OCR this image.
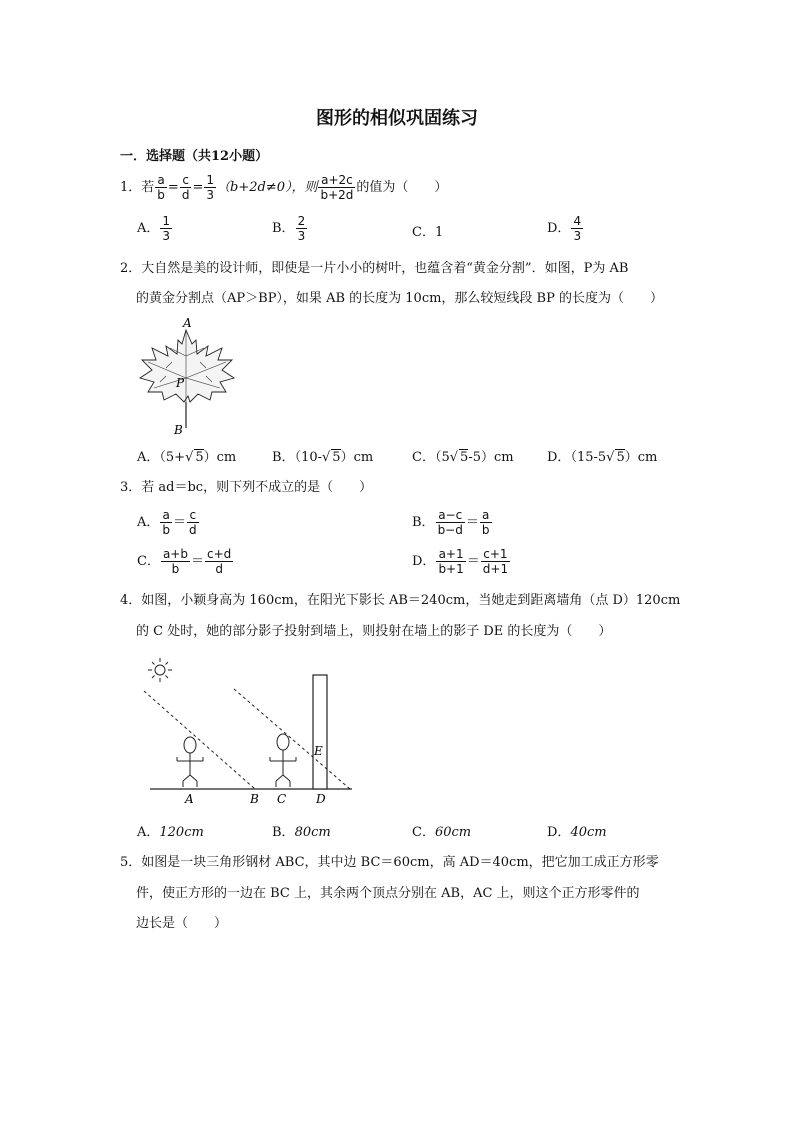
图形的相似巩固练习
一．选择题（共12小题）
1．若 $\frac{a}{b} = \frac{c}{d} = \frac{1}{3} (b+2d\ne 0)$，则 $\frac{a+2c}{b+2d}$ 的值为（　　）
A． $\frac{1}{3}$	B． $\frac{2}{3}$	C．1	D． $\frac{4}{3}$
2．大自然是美的设计师，即使是一片小小的树叶，也蕴含着“黄金分割”．如图，P为 AB
的黄金分割点（AP＞BP），如果 AB 的长度为 10cm，那么较短线段 BP 的长度为（　　）
A
P
B
A．（5+√ 5）cm	B．（10-√ 5）cm	C．（5√ 5-5）cm	D．（15-5√ 5）cm
3．若 ad＝bc，则下列不成立的是（　　）
A． $\frac{a}{b} = \frac{c}{d}$	B． $\frac{a-c}{b-d} = \frac{a}{b}$
C． $\frac{a+b}{b} = \frac{c+d}{d}$	D． $\frac{a+1}{b+1} = \frac{c+1}{d+1}$
4．如图，小颖身高为 160cm，在阳光下影长 AB＝240cm，当她走到距离墙角（点 D）120cm
的 C 处时，她的部分影子投射到墙上，则投射在墙上的影子 DE 的长度为（　　）
A	B C D
E
A．120cm	B．80cm	C．60cm	D．40cm
5．如图是一块三角形钢材 ABC，其中边 BC＝60cm，高 AD＝40cm，把它加工成正方形零
件，使正方形的一边在 BC 上，其余两个顶点分别在 AB，AC 上，则这个正方形零件的
边长是（　　）
